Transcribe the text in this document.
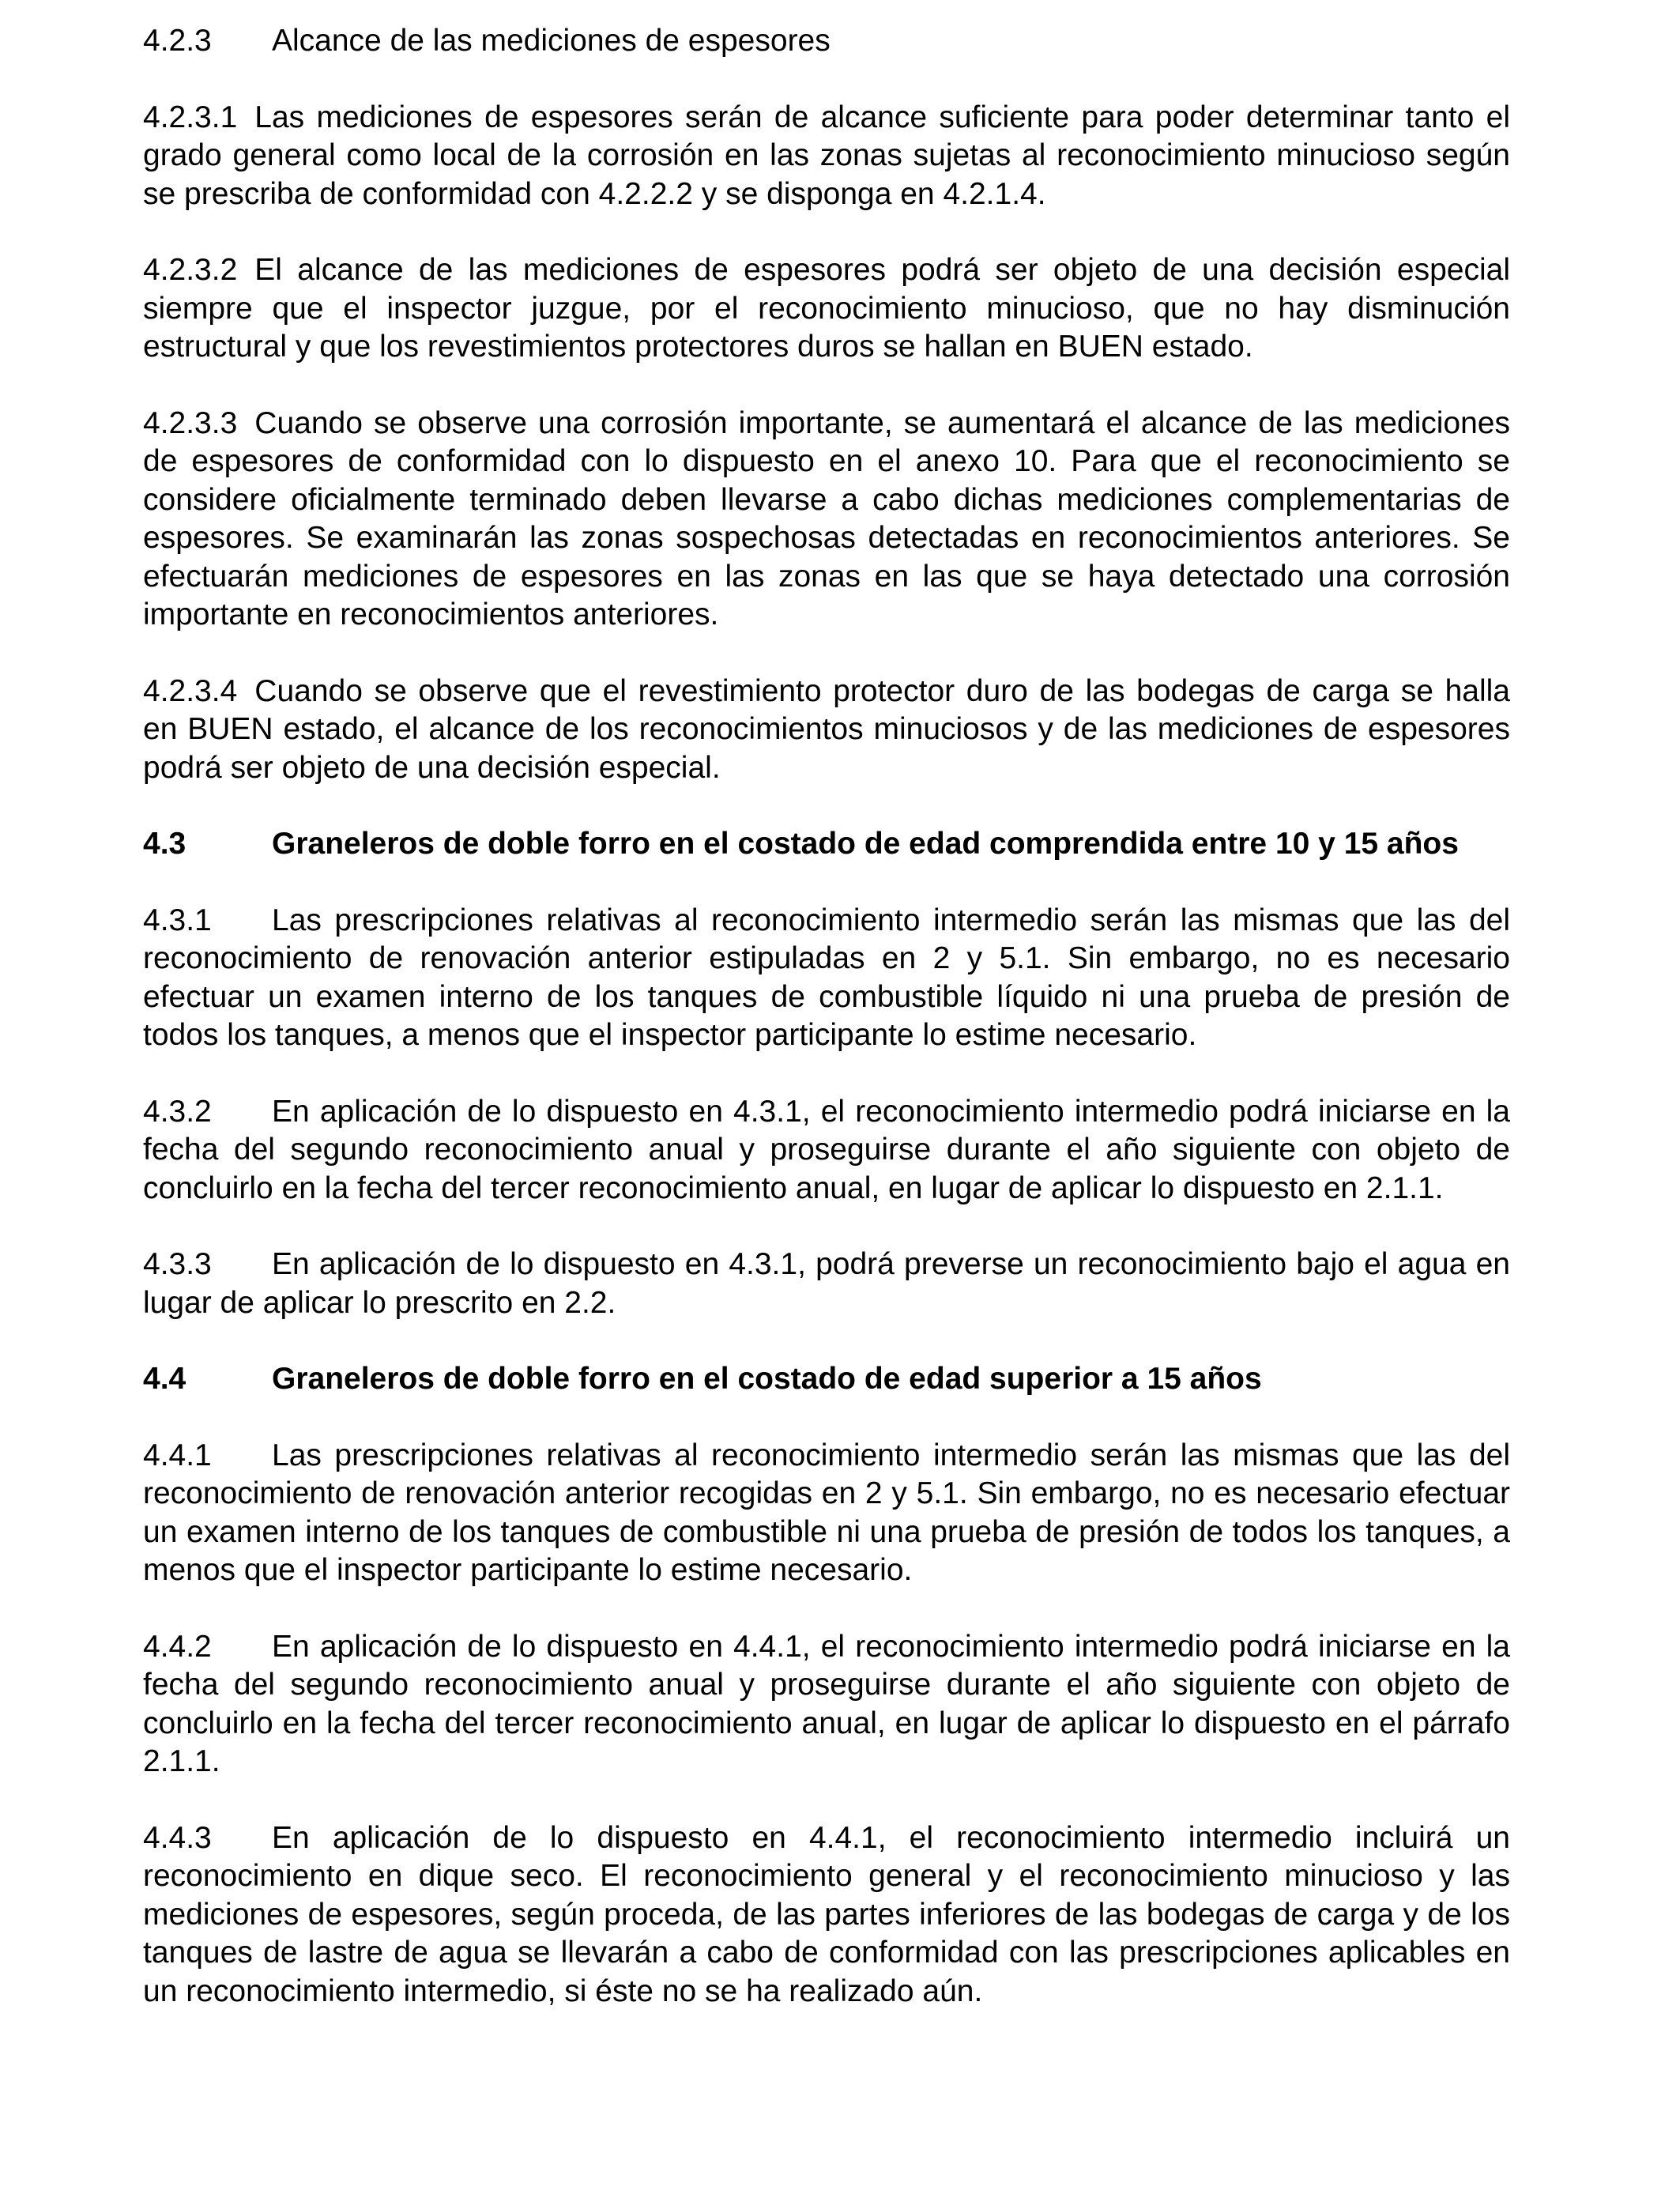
4.2.3 Alcance de las mediciones de espesores

4.2.3.1 Las mediciones de espesores serán de alcance suficiente para poder determinar tanto el grado general como local de la corrosión en las zonas sujetas al reconocimiento minucioso según se prescriba de conformidad con 4.2.2.2 y se disponga en 4.2.1.4.

4.2.3.2 El alcance de las mediciones de espesores podrá ser objeto de una decisión especial siempre que el inspector juzgue, por el reconocimiento minucioso, que no hay disminución estructural y que los revestimientos protectores duros se hallan en BUEN estado.

4.2.3.3 Cuando se observe una corrosión importante, se aumentará el alcance de las mediciones de espesores de conformidad con lo dispuesto en el anexo 10. Para que el reconocimiento se considere oficialmente terminado deben llevarse a cabo dichas mediciones complementarias de espesores. Se examinarán las zonas sospechosas detectadas en reconocimientos anteriores. Se efectuarán mediciones de espesores en las zonas en las que se haya detectado una corrosión importante en reconocimientos anteriores.

4.2.3.4 Cuando se observe que el revestimiento protector duro de las bodegas de carga se halla en BUEN estado, el alcance de los reconocimientos minuciosos y de las mediciones de espesores podrá ser objeto de una decisión especial.

4.3	Graneleros de doble forro en el costado de edad comprendida entre 10 y 15 años

4.3.1 Las prescripciones relativas al reconocimiento intermedio serán las mismas que las del reconocimiento de renovación anterior estipuladas en 2 y 5.1. Sin embargo, no es necesario efectuar un examen interno de los tanques de combustible líquido ni una prueba de presión de todos los tanques, a menos que el inspector participante lo estime necesario.

4.3.2 En aplicación de lo dispuesto en 4.3.1, el reconocimiento intermedio podrá iniciarse en la fecha del segundo reconocimiento anual y proseguirse durante el año siguiente con objeto de concluirlo en la fecha del tercer reconocimiento anual, en lugar de aplicar lo dispuesto en 2.1.1.

4.3.3 En aplicación de lo dispuesto en 4.3.1, podrá preverse un reconocimiento bajo el agua en lugar de aplicar lo prescrito en 2.2.

4.4	Graneleros de doble forro en el costado de edad superior a 15 años

4.4.1 Las prescripciones relativas al reconocimiento intermedio serán las mismas que las del reconocimiento de renovación anterior recogidas en 2 y 5.1. Sin embargo, no es necesario efectuar un examen interno de los tanques de combustible ni una prueba de presión de todos los tanques, a menos que el inspector participante lo estime necesario.

4.4.2 En aplicación de lo dispuesto en 4.4.1, el reconocimiento intermedio podrá iniciarse en la fecha del segundo reconocimiento anual y proseguirse durante el año siguiente con objeto de concluirlo en la fecha del tercer reconocimiento anual, en lugar de aplicar lo dispuesto en el párrafo 2.1.1.

4.4.3 En aplicación de lo dispuesto en 4.4.1, el reconocimiento intermedio incluirá un reconocimiento en dique seco. El reconocimiento general y el reconocimiento minucioso y las mediciones de espesores, según proceda, de las partes inferiores de las bodegas de carga y de los tanques de lastre de agua se llevarán a cabo de conformidad con las prescripciones aplicables en un reconocimiento intermedio, si éste no se ha realizado aún.
